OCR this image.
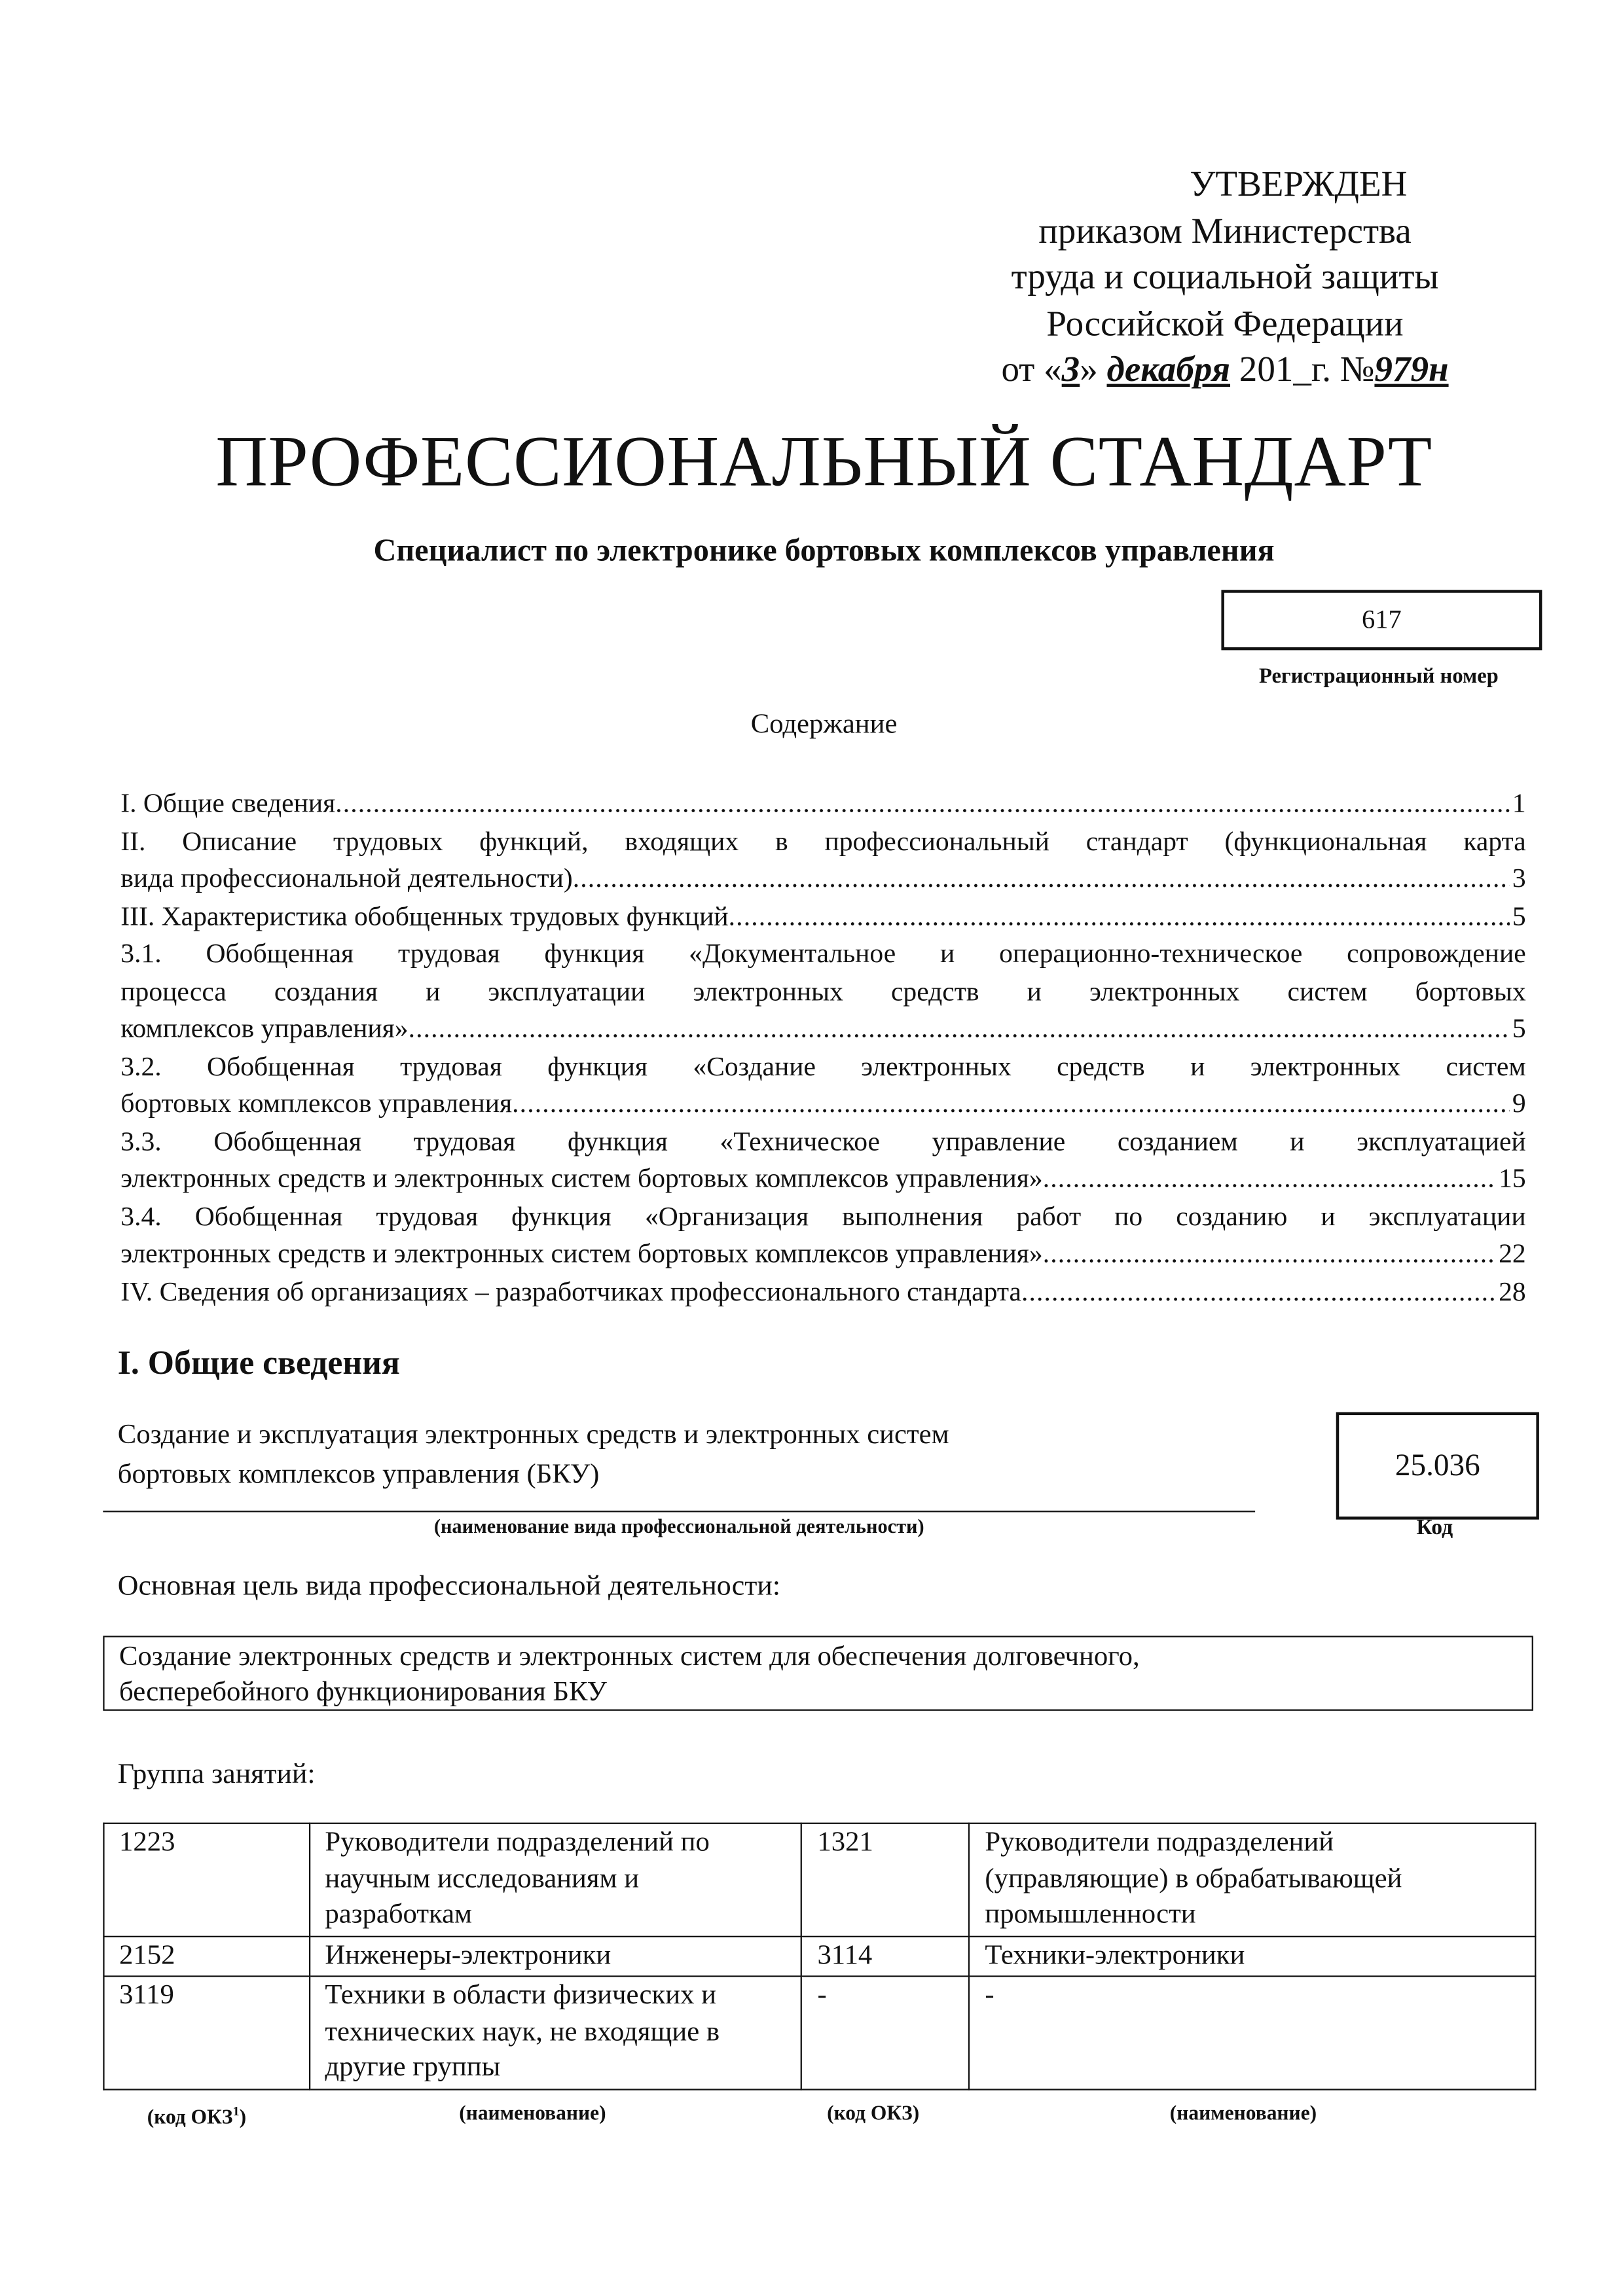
УТВЕРЖДЕН
приказом Министерства
труда и социальной защиты
Российской Федерации
от «3» декабря 201_г. №979н
ПРОФЕССИОНАЛЬНЫЙ СТАНДАРТ
Специалист по электронике бортовых комплексов управления
617
Регистрационный номер
Содержание
I. Общие сведения .....	1
II. Описание трудовых функций, входящих в профессиональный стандарт (функциональная карта
вида профессиональной деятельности) .....	3
III. Характеристика обобщенных трудовых функций .....	5
3.1. Обобщенная трудовая функция «Документальное и операционно-техническое сопровождение
процесса создания и эксплуатации электронных средств и электронных систем бортовых
комплексов управления» .....	5
3.2. Обобщенная трудовая функция «Создание электронных средств и электронных систем
бортовых комплексов управления .....	9
3.3. Обобщенная трудовая функция «Техническое управление созданием и эксплуатацией
электронных средств и электронных систем бортовых комплексов управления» .....	15
3.4. Обобщенная трудовая функция «Организация выполнения работ по созданию и эксплуатации
электронных средств и электронных систем бортовых комплексов управления» .....	22
IV. Сведения об организациях – разработчиках профессионального стандарта .....	28
I. Общие сведения
Создание и эксплуатация электронных средств и электронных систем
бортовых комплексов управления (БКУ)
(наименование вида профессиональной деятельности)
25.036
Код
Основная цель вида профессиональной деятельности:
Создание электронных средств и электронных систем для обеспечения долговечного,
бесперебойного функционирования БКУ
Группа занятий:
1223	Руководители подразделений по научным исследованиям и разработкам	1321	Руководители подразделений (управляющие) в обрабатывающей промышленности
2152	Инженеры-электроники	3114	Техники-электроники
3119	Техники в области физических и технических наук, не входящие в другие группы	-	-
(код ОКЗ$^1$)	(наименование)	(код ОКЗ)	(наименование)
